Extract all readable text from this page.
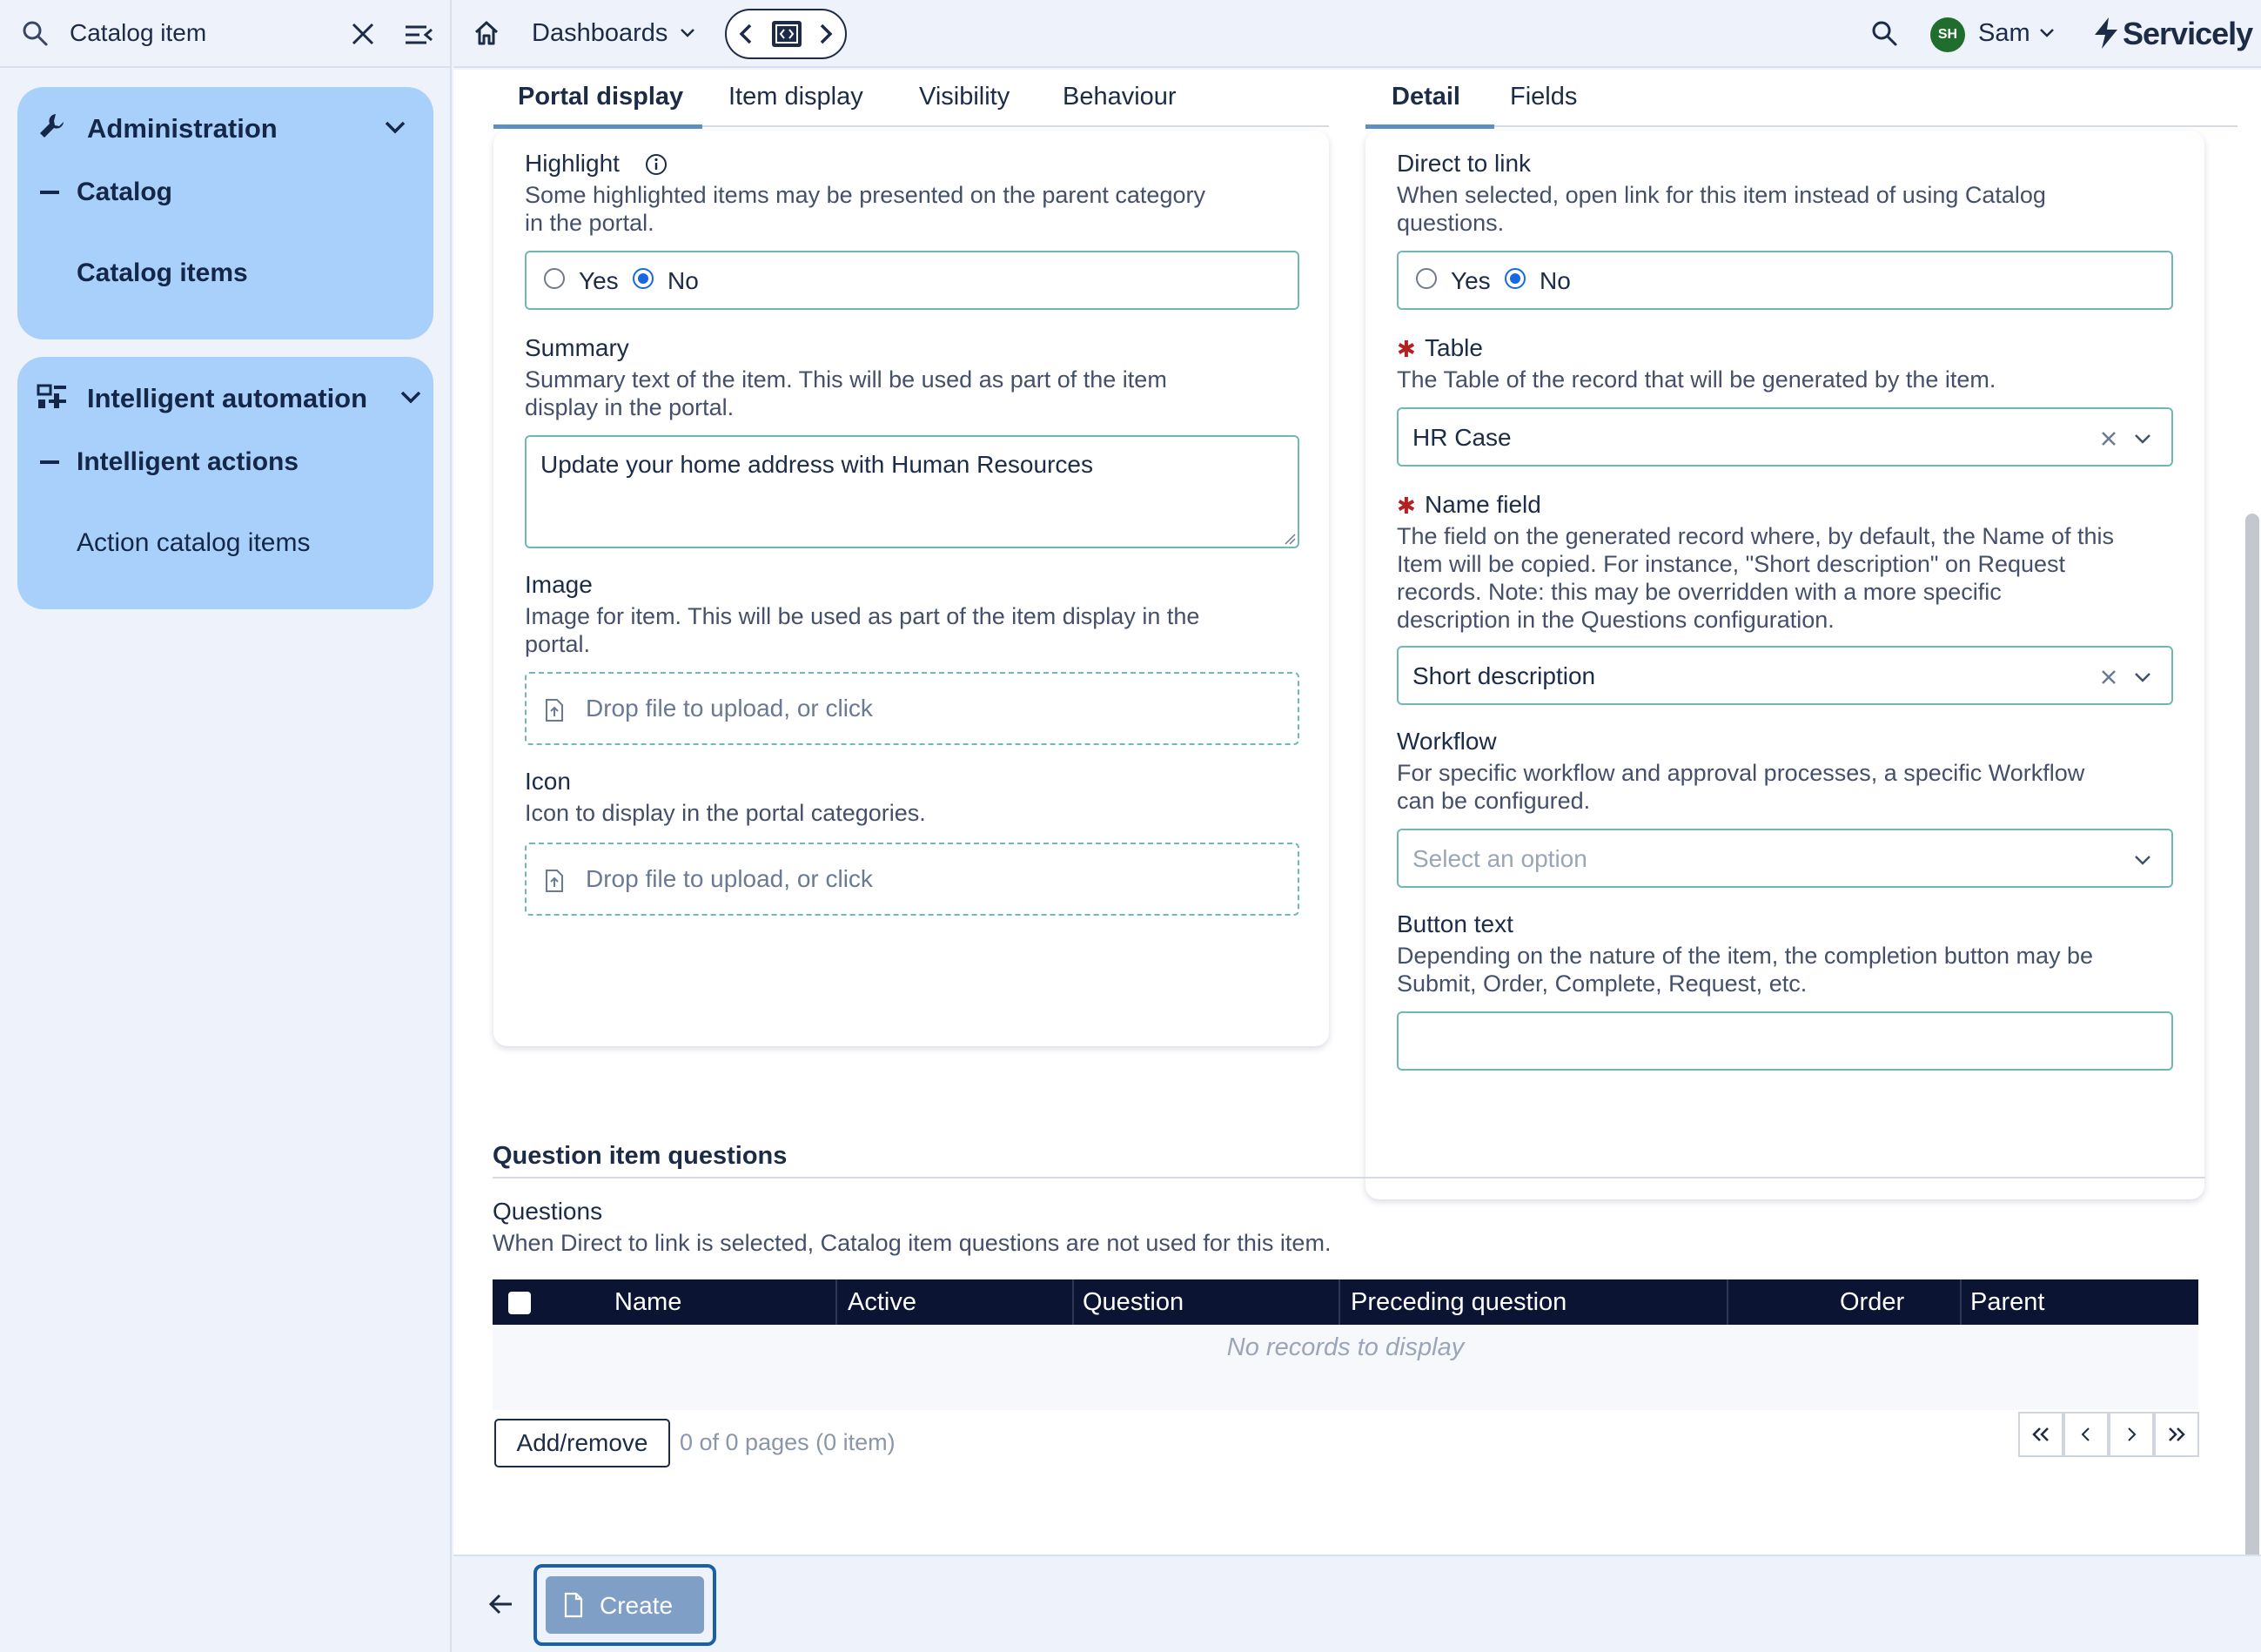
Catalog item
Administration
Catalog
Catalog items
Intelligent automation
Intelligent actions
Action catalog items
Dashboards	SH Sam	Servicely
Portal display Item display Visibility Behaviour	Detail Fields
Highlight
Some highlighted items may be presented on the parent category
in the portal.
Yes No
Summary
Summary text of the item. This will be used as part of the item
display in the portal.
Update your home address with Human Resources
Image
Image for item. This will be used as part of the item display in the
portal.
Drop file to upload, or click
Icon
Icon to display in the portal categories.
Drop file to upload, or click
Direct to link
When selected, open link for this item instead of using Catalog
questions.
Yes No
✱ Table
The Table of the record that will be generated by the item.
HR Case
✱ Name field
The field on the generated record where, by default, the Name of this
Item will be copied. For instance, "Short description" on Request
records. Note: this may be overridden with a more specific
description in the Questions configuration.
Short description
Workflow
For specific workflow and approval processes, a specific Workflow
can be configured.
Select an option
Button text
Depending on the nature of the item, the completion button may be
Submit, Order, Complete, Request, etc.
Question item questions
Questions
When Direct to link is selected, Catalog item questions are not used for this item.
Name	Active	Question	Preceding question	Order	Parent
No records to display
Add/remove	0 of 0 pages (0 item)
Create
